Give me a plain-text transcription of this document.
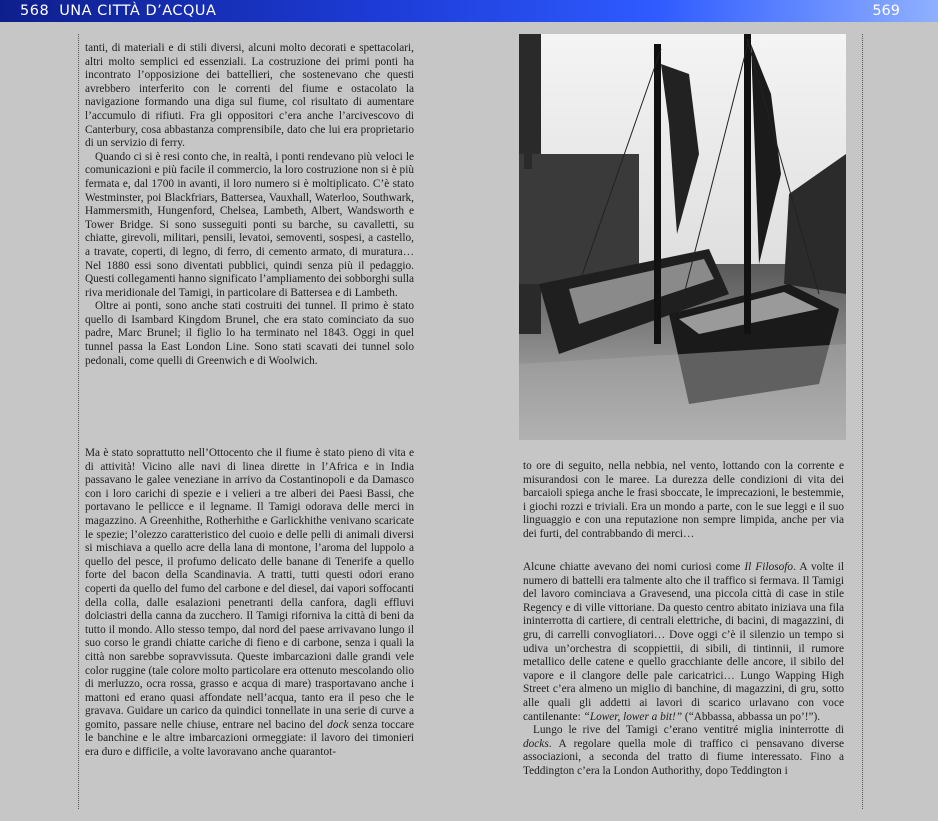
568 UNA CITTÀ D’ACQUA	569

tanti, di materiali e di stili diversi, alcuni molto decorati e spettacolari, altri molto semplici ed essenziali. La costruzione dei primi ponti ha incontrato l’opposizione dei battellieri, che sostenevano che questi avrebbero interferito con le correnti del fiume e ostacolato la navigazione formando una diga sul fiume, col risultato di aumentare l’accumulo di rifiuti. Fra gli oppositori c’era anche l’arcivescovo di Canterbury, cosa abbastanza comprensibile, dato che lui era proprietario di un servizio di ferry.

Quando ci si è resi conto che, in realtà, i ponti rendevano più veloci le comunicazioni e più facile il commercio, la loro costruzione non si è più fermata e, dal 1700 in avanti, il loro numero si è moltiplicato. C’è stato Westminster, poi Blackfriars, Battersea, Vauxhall, Waterloo, Southwark, Hammersmith, Hungenford, Chelsea, Lambeth, Albert, Wandsworth e Tower Bridge. Si sono susseguiti ponti su barche, su cavalletti, su chiatte, girevoli, militari, pensili, levatoi, semoventi, sospesi, a castello, a travate, coperti, di legno, di ferro, di cemento armato, di muratura… Nel 1880 essi sono diventati pubblici, quindi senza più il pedaggio. Questi collegamenti hanno significato l’ampliamento dei sobborghi sulla riva meridionale del Tamigi, in particolare di Battersea e di Lambeth.

Oltre ai ponti, sono anche stati costruiti dei tunnel. Il primo è stato quello di Isambard Kingdom Brunel, che era stato cominciato da suo padre, Marc Brunel; il figlio lo ha terminato nel 1843. Oggi in quel tunnel passa la East London Line. Sono stati scavati dei tunnel solo pedonali, come quelli di Greenwich e di Woolwich.

Ma è stato soprattutto nell’Ottocento che il fiume è stato pieno di vita e di attività! Vicino alle navi di linea dirette in l’Africa e in India passavano le galee veneziane in arrivo da Costantinopoli e da Damasco con i loro carichi di spezie e i velieri a tre alberi dei Paesi Bassi, che portavano le pellicce e il legname. Il Tamigi odorava delle merci in magazzino. A Greenhithe, Rotherhithe e Garlickhithe venivano scaricate le spezie; l’olezzo caratteristico del cuoio e delle pelli di animali diversi si mischiava a quello acre della lana di montone, l’aroma del luppolo a quello del pesce, il profumo delicato delle banane di Tenerife a quello forte del bacon della Scandinavia. A tratti, tutti questi odori erano coperti da quello del fumo del carbone e del diesel, dai vapori soffocanti della colla, dalle esalazioni penetranti della canfora, dagli effluvi dolciastri della canna da zucchero. Il Tamigi riforniva la città di beni da tutto il mondo. Allo stesso tempo, dal nord del paese arrivavano lungo il suo corso le grandi chiatte cariche di fieno e di carbone, senza i quali la città non sarebbe sopravvissuta. Queste imbarcazioni dalle grandi vele color ruggine (tale colore molto particolare era ottenuto mescolando olio di merluzzo, ocra rossa, grasso e acqua di mare) trasportavano anche i mattoni ed erano quasi affondate nell’acqua, tanto era il peso che le gravava. Guidare un carico da quindici tonnellate in una serie di curve a gomito, passare nelle chiuse, entrare nel bacino del dock senza toccare le banchine e le altre imbarcazioni ormeggiate: il lavoro dei timonieri era duro e difficile, a volte lavoravano anche quarantot-

to ore di seguito, nella nebbia, nel vento, lottando con la corrente e misurandosi con le maree. La durezza delle condizioni di vita dei barcaioli spiega anche le frasi sboccate, le imprecazioni, le bestemmie, i giochi rozzi e triviali. Era un mondo a parte, con le sue leggi e il suo linguaggio e con una reputazione non sempre limpida, anche per via dei furti, del contrabbando di merci…

Alcune chiatte avevano dei nomi curiosi come Il Filosofo. A volte il numero di battelli era talmente alto che il traffico si fermava. Il Tamigi del lavoro cominciava a Gravesend, una piccola città di case in stile Regency e di ville vittoriane. Da questo centro abitato iniziava una fila ininterrotta di cartiere, di centrali elettriche, di bacini, di magazzini, di gru, di carrelli convogliatori… Dove oggi c’è il silenzio un tempo si udiva un’orchestra di scoppiettii, di sibili, di tintinnii, il rumore metallico delle catene e quello gracchiante delle ancore, il sibilo del vapore e il clangore delle pale caricatrici… Lungo Wapping High Street c’era almeno un miglio di banchine, di magazzini, di gru, sotto alle quali gli addetti ai lavori di scarico urlavano con voce cantilenante: “Lower, lower a bit!” (“Abbassa, abbassa un po’!”).

Lungo le rive del Tamigi c’erano ventitré miglia ininterrotte di docks. A regolare quella mole di traffico ci pensavano diverse associazioni, a seconda del tratto di fiume interessato. Fino a Teddington c’era la London Authorithy, dopo Teddington i
